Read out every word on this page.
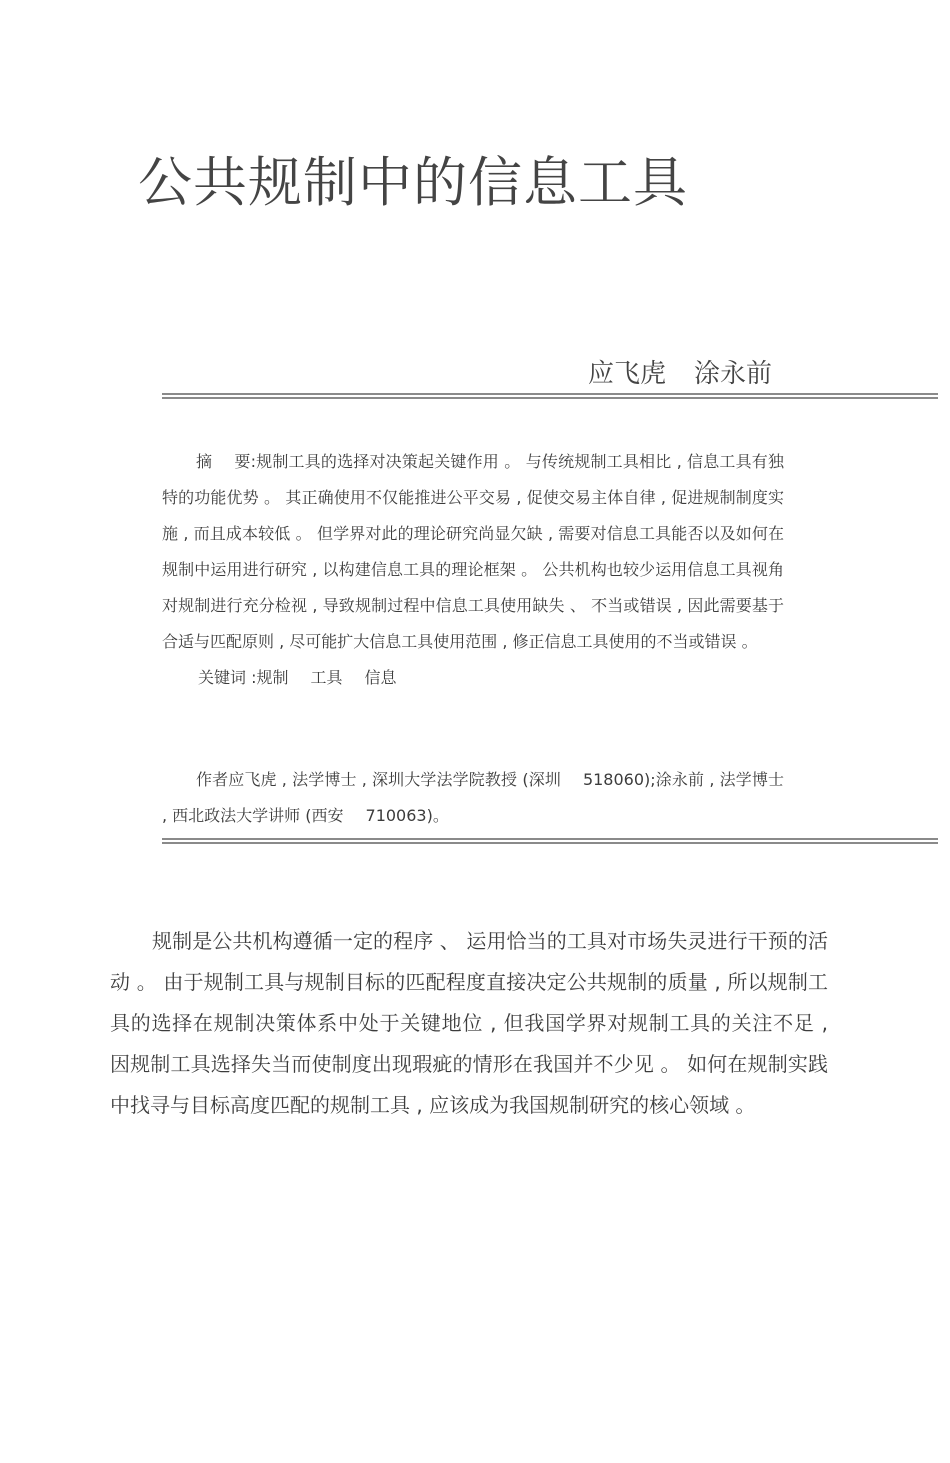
公共规制中的信息工具
应飞虎 涂永前

摘 要:规制工具的选择对决策起关键作用 。 与传统规制工具相比 , 信息工具有独特的功能优势 。 其正确使用不仅能推进公平交易 , 促使交易主体自律 , 促进规制制度实施 , 而且成本较低 。 但学界对此的理论研究尚显欠缺 , 需要对信息工具能否以及如何在规制中运用进行研究 , 以构建信息工具的理论框架 。 公共机构也较少运用信息工具视角对规制进行充分检视 , 导致规制过程中信息工具使用缺失 、 不当或错误 , 因此需要基于合适与匹配原则 , 尽可能扩大信息工具使用范围 , 修正信息工具使用的不当或错误 。

关键词 :规制 工具 信息

作者应飞虎 , 法学博士 , 深圳大学法学院教授 (深圳 518060);涂永前 , 法学博士 , 西北政法大学讲师 (西安 710063)。

规制是公共机构遵循一定的程序 、 运用恰当的工具对市场失灵进行干预的活动 。 由于规制工具与规制目标的匹配程度直接决定公共规制的质量 , 所以规制工具的选择在规制决策体系中处于关键地位 , 但我国学界对规制工具的关注不足 , 因规制工具选择失当而使制度出现瑕疵的情形在我国并不少见 。 如何在规制实践中找寻与目标高度匹配的规制工具 , 应该成为我国规制研究的核心领域 。
